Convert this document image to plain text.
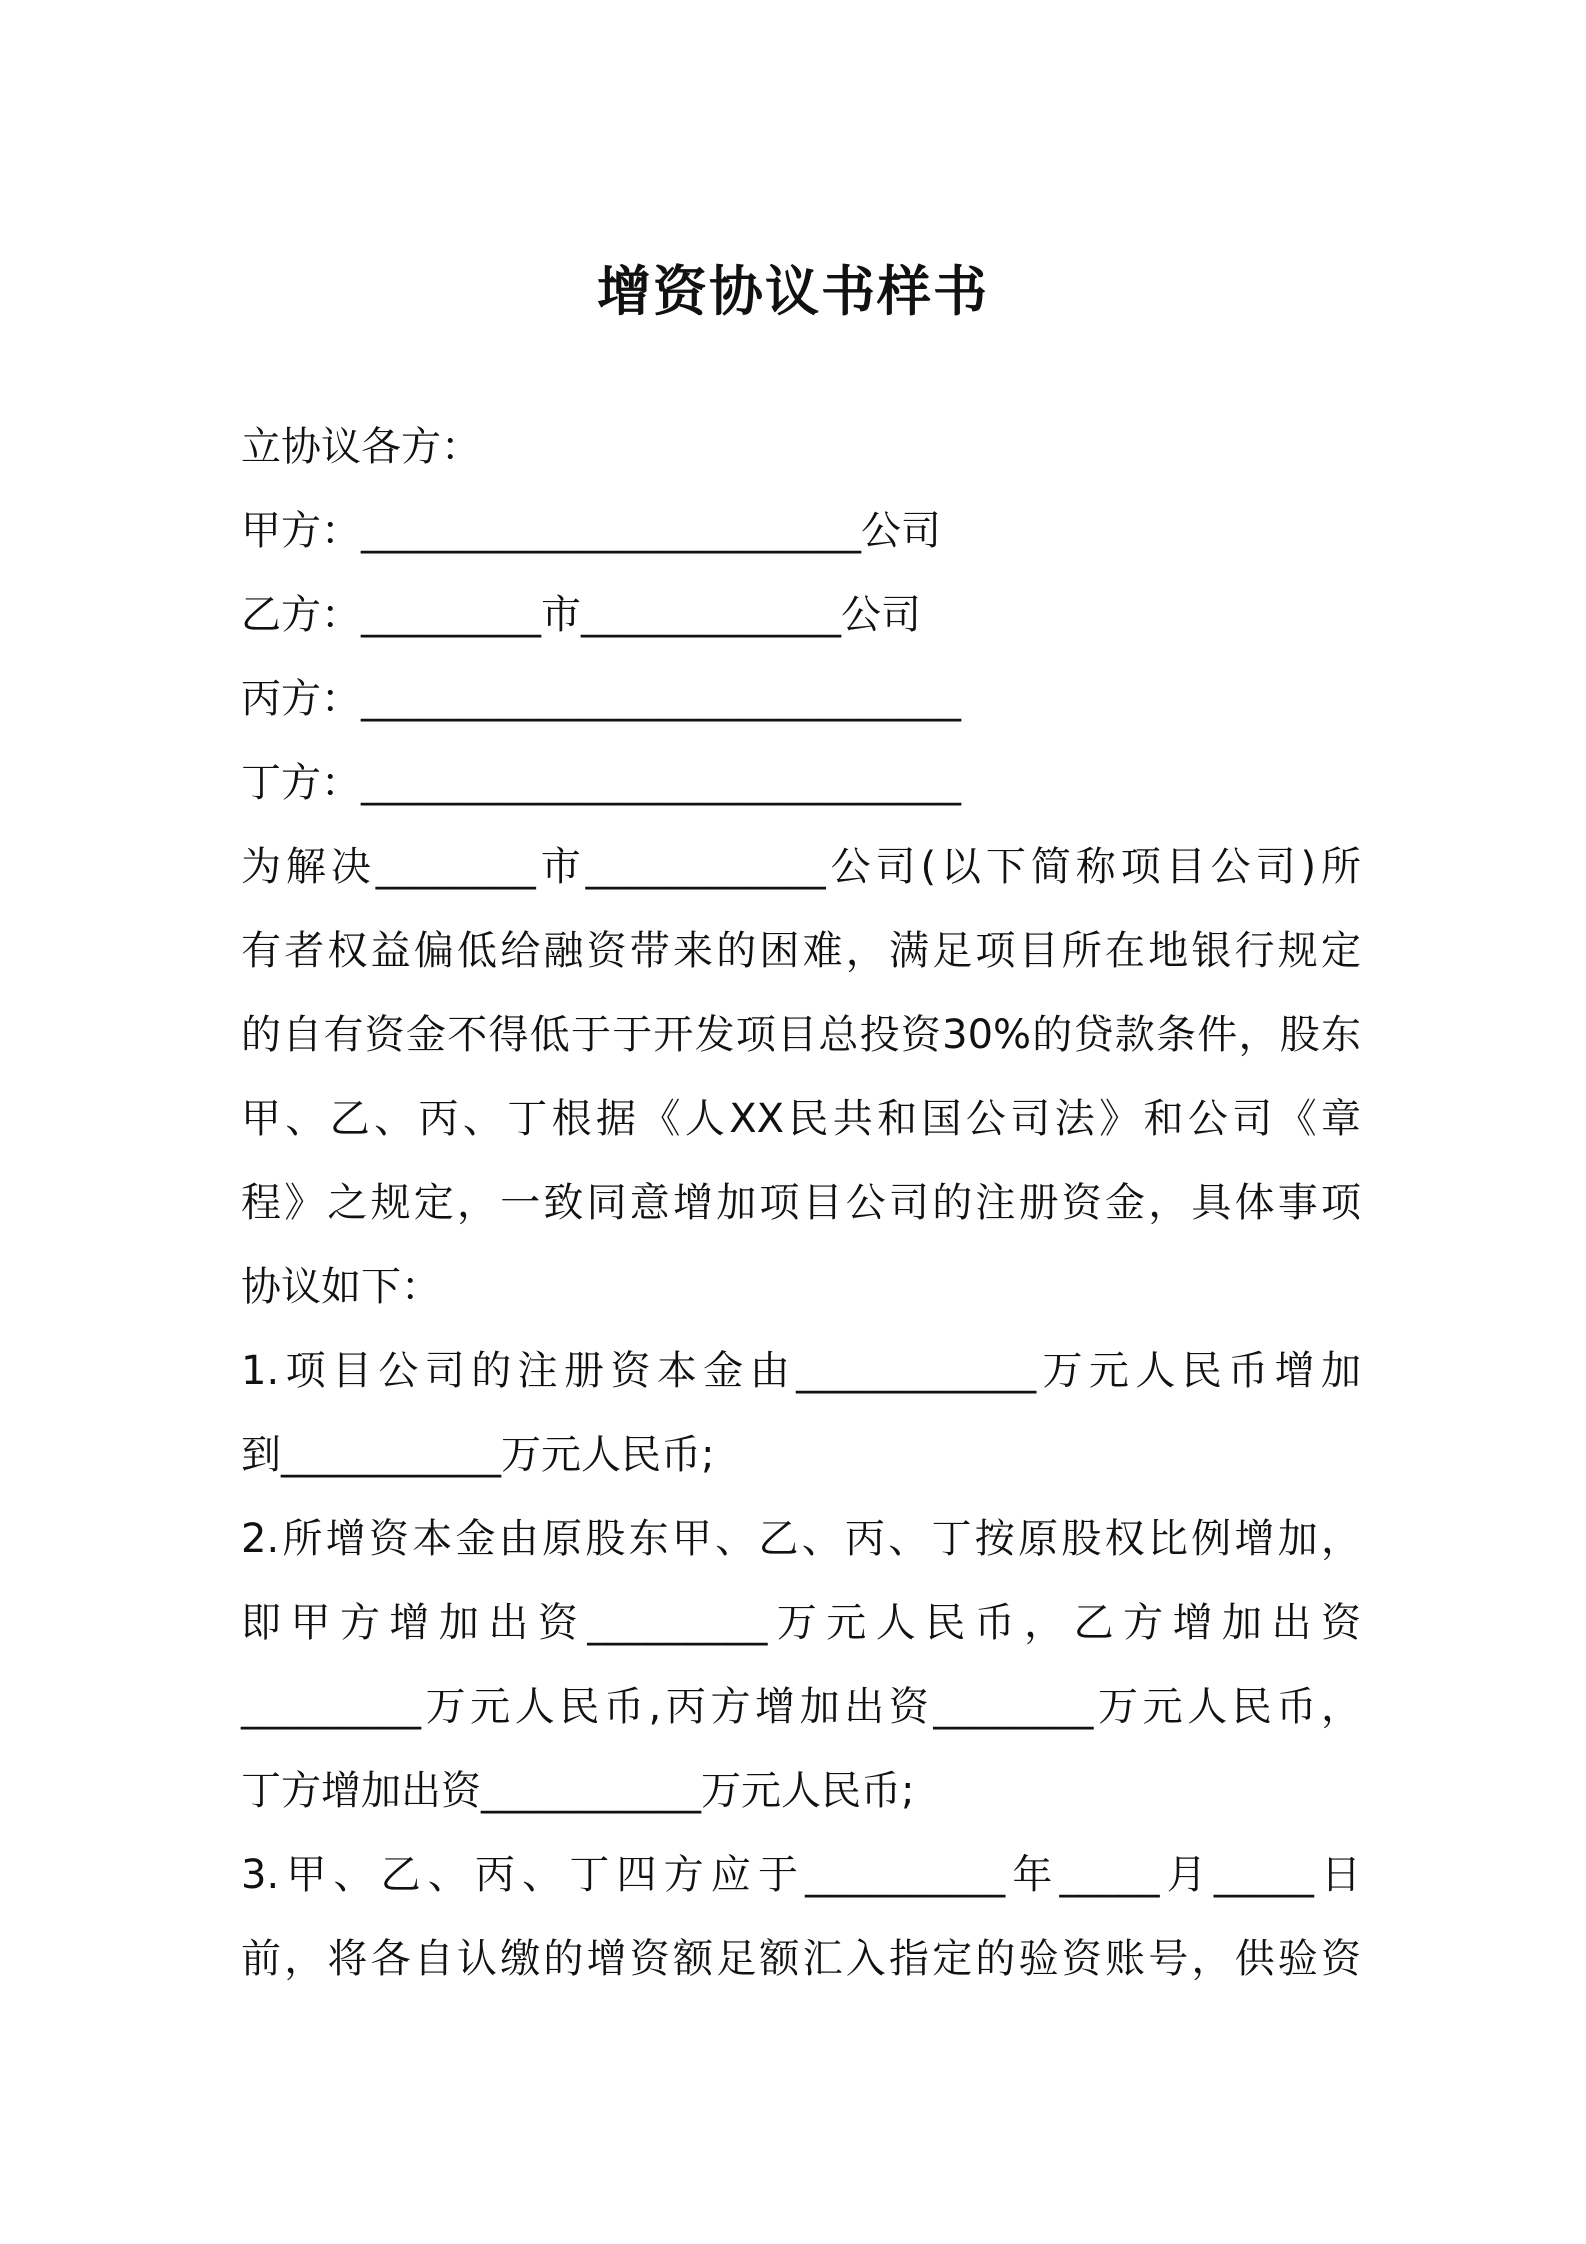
增资协议书样书
立协议各方：
甲方：_________________________公司
乙方：_________市_____________公司
丙方：______________________________
丁方：______________________________
为解决________市____________公司(以下简称项目公司)所
有者权益偏低给融资带来的困难，满足项目所在地银行规定
的自有资金不得低于于开发项目总投资30%的贷款条件，股东
甲、乙、丙、丁根据《人XX民共和国公司法》和公司《章
程》之规定，一致同意增加项目公司的注册资金，具体事项
协议如下：
1.项目公司的注册资本金由____________万元人民币增加
到___________万元人民币;
2.所增资本金由原股东甲、乙、丙、丁按原股权比例增加，
即甲方增加出资_________万元人民币，乙方增加出资
_________万元人民币,丙方增加出资________万元人民币，
丁方增加出资___________万元人民币;
3.甲、乙、丙、丁四方应于__________年_____月_____日
前，将各自认缴的增资额足额汇入指定的验资账号，供验资
